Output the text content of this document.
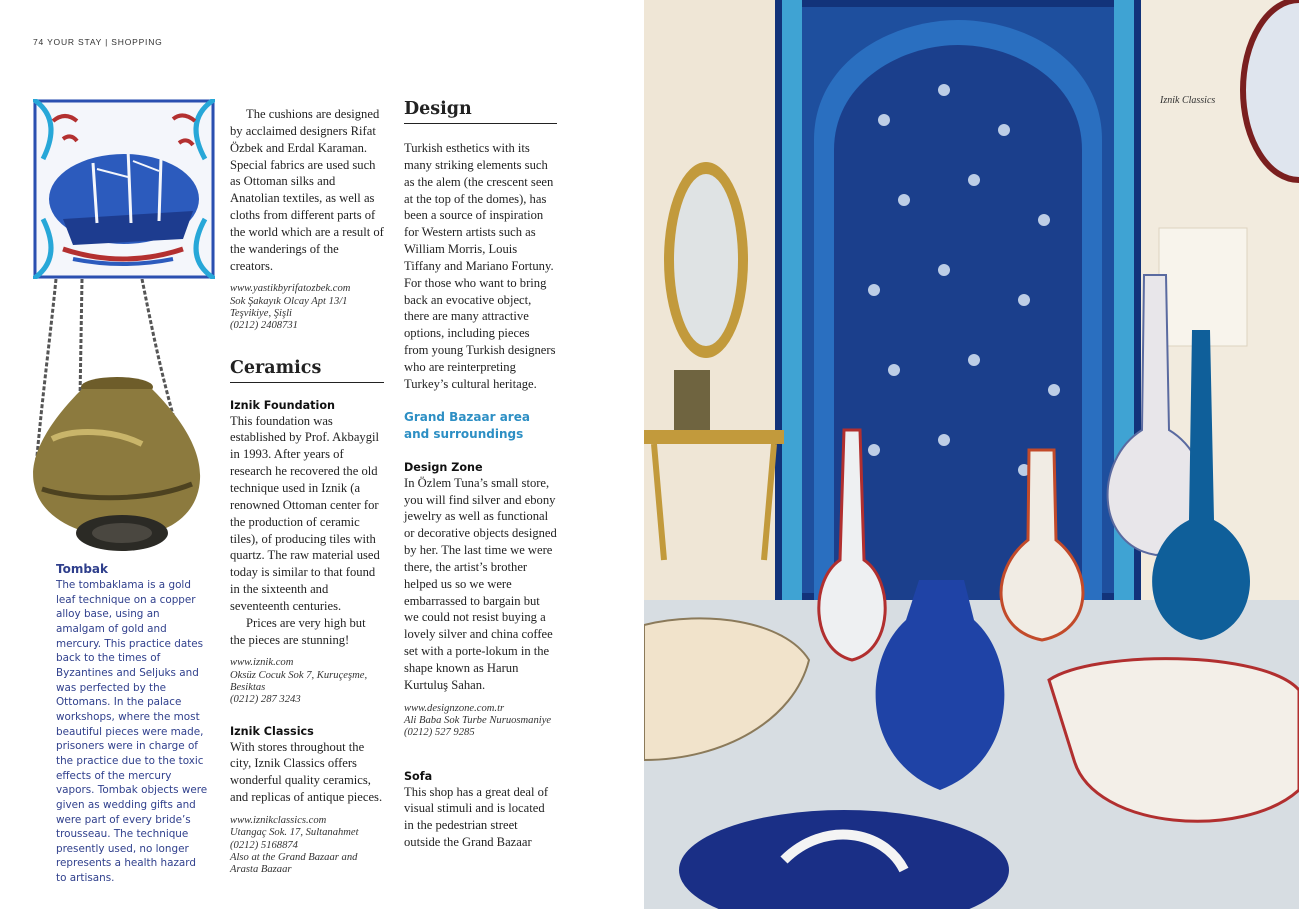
74 YOUR STAY | SHOPPING
Tombak

The tombaklama is a gold leaf technique on a copper alloy base, using an amalgam of gold and mercury. This practice dates back to the times of Byzantines and Seljuks and was perfected by the Ottomans. In the palace workshops, where the most beautiful pieces were made, prisoners were in charge of the practice due to the toxic effects of the mercury vapors. Tombak objects were given as wedding gifts and were part of every bride’s trousseau. The technique presently used, no longer represents a health hazard to artisans.

The cushions are designed by acclaimed designers Rifat Özbek and Erdal Karaman. Special fabrics are used such as Ottoman silks and Anatolian textiles, as well as cloths from different parts of the world which are a result of the wanderings of the creators.

www.yastikbyrifatozbek.com
Sok Şakayık Olcay Apt 13/1
Teşvikiye, Şişli
(0212) 2408731
Ceramics
Iznik Foundation

This foundation was established by Prof. Akbaygil in 1993. After years of research he recovered the old technique used in Iznik (a renowned Ottoman center for the production of ceramic tiles), of producing tiles with quartz. The raw material used today is similar to that found in the sixteenth and seventeenth centuries.

Prices are very high but the pieces are stunning!

www.iznik.com
Oksüz Cocuk Sok 7, Kuruçeşme,
Besiktas
(0212) 287 3243
Iznik Classics

With stores throughout the city, Iznik Classics offers wonderful quality ceramics, and replicas of antique pieces.

www.iznikclassics.com
Utangaç Sok. 17, Sultanahmet
(0212) 5168874
Also at the Grand Bazaar and
Arasta Bazaar
Design

Turkish esthetics with its many striking elements such as the alem (the crescent seen at the top of the domes), has been a source of inspiration for Western artists such as William Morris, Louis Tiffany and Mariano Fortuny. For those who want to bring back an evocative object, there are many attractive options, including pieces from young Turkish designers who are reinterpreting Turkey’s cultural heritage.

Grand Bazaar area and surroundings
Design Zone

In Özlem Tuna’s small store, you will find silver and ebony jewelry as well as functional or decorative objects designed by her. The last time we were there, the artist’s brother helped us so we were embarrassed to bargain but we could not resist buying a lovely silver and china coffee set with a porte-lokum in the shape known as Harun Kurtuluş Sahan.

www.designzone.com.tr
Ali Baba Sok Turbe Nuruosmaniye
(0212) 527 9285
Sofa

This shop has a great deal of visual stimuli and is located in the pedestrian street outside the Grand Bazaar

Iznik Classics
